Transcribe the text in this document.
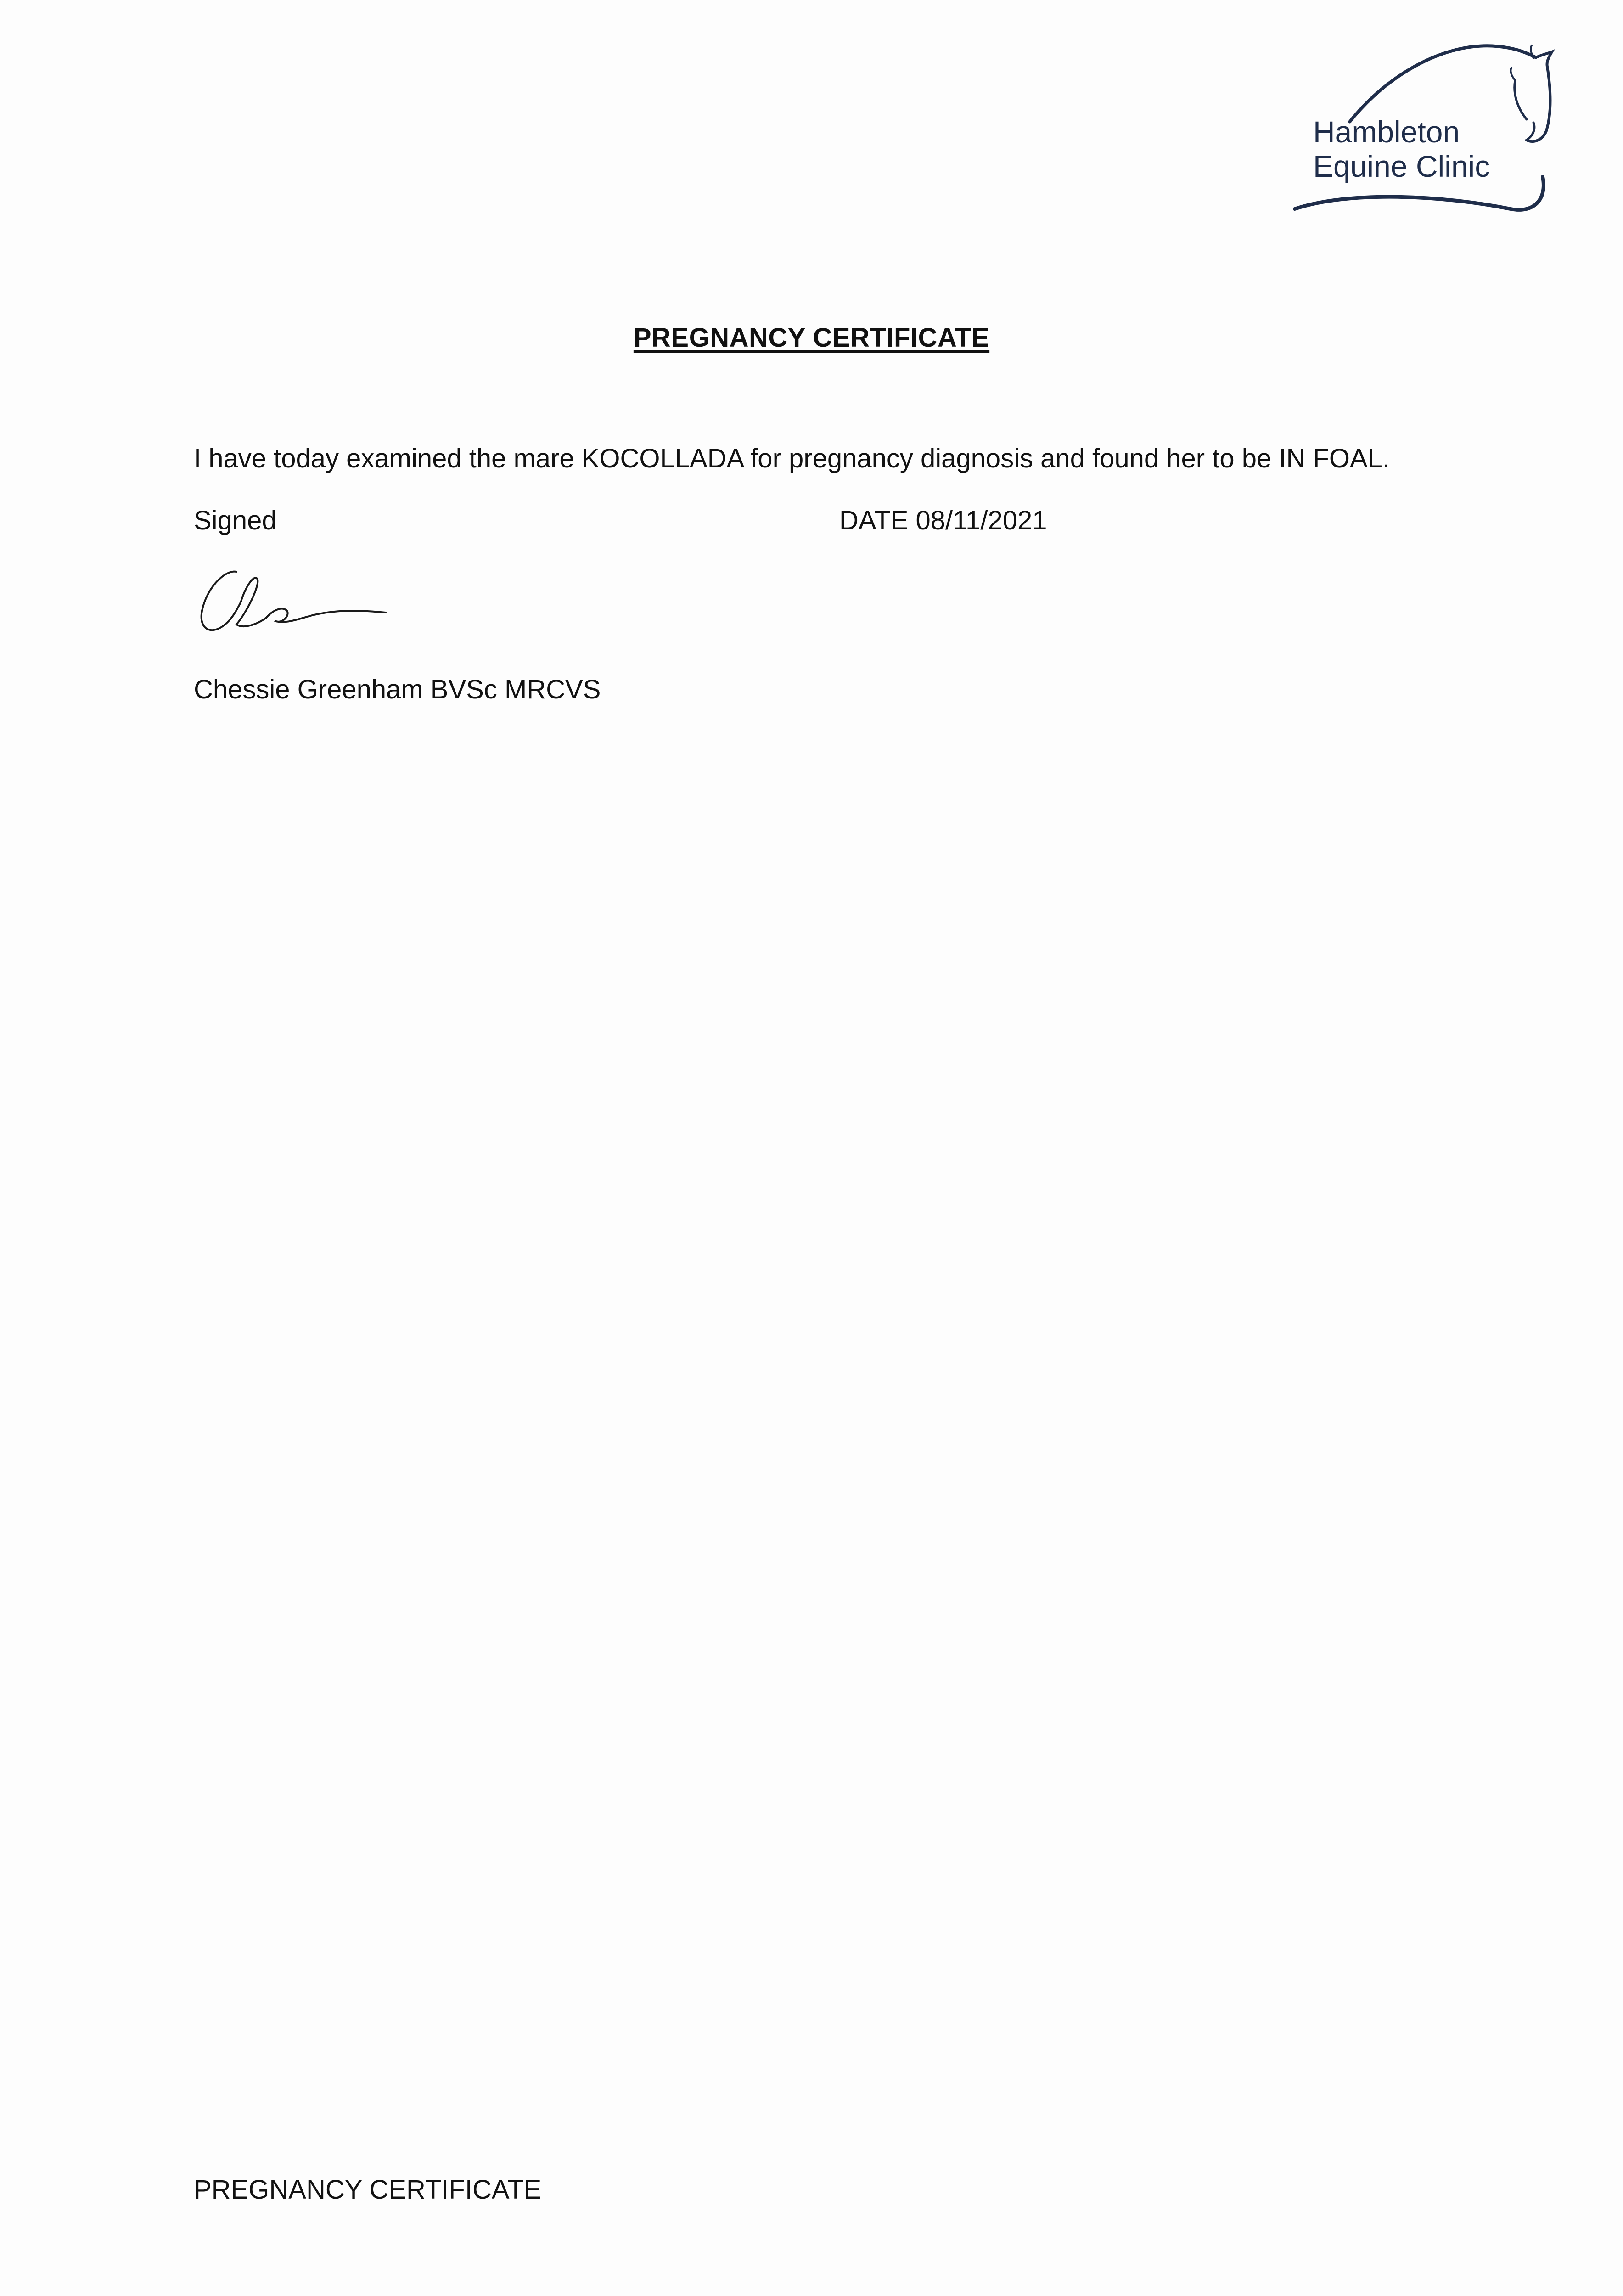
Hambleton
Equine Clinic
PREGNANCY CERTIFICATE
I have today examined the mare KOCOLLADA for pregnancy diagnosis and found her to be IN FOAL.
Signed	DATE 08/11/2021
Chessie Greenham BVSc MRCVS
PREGNANCY CERTIFICATE
